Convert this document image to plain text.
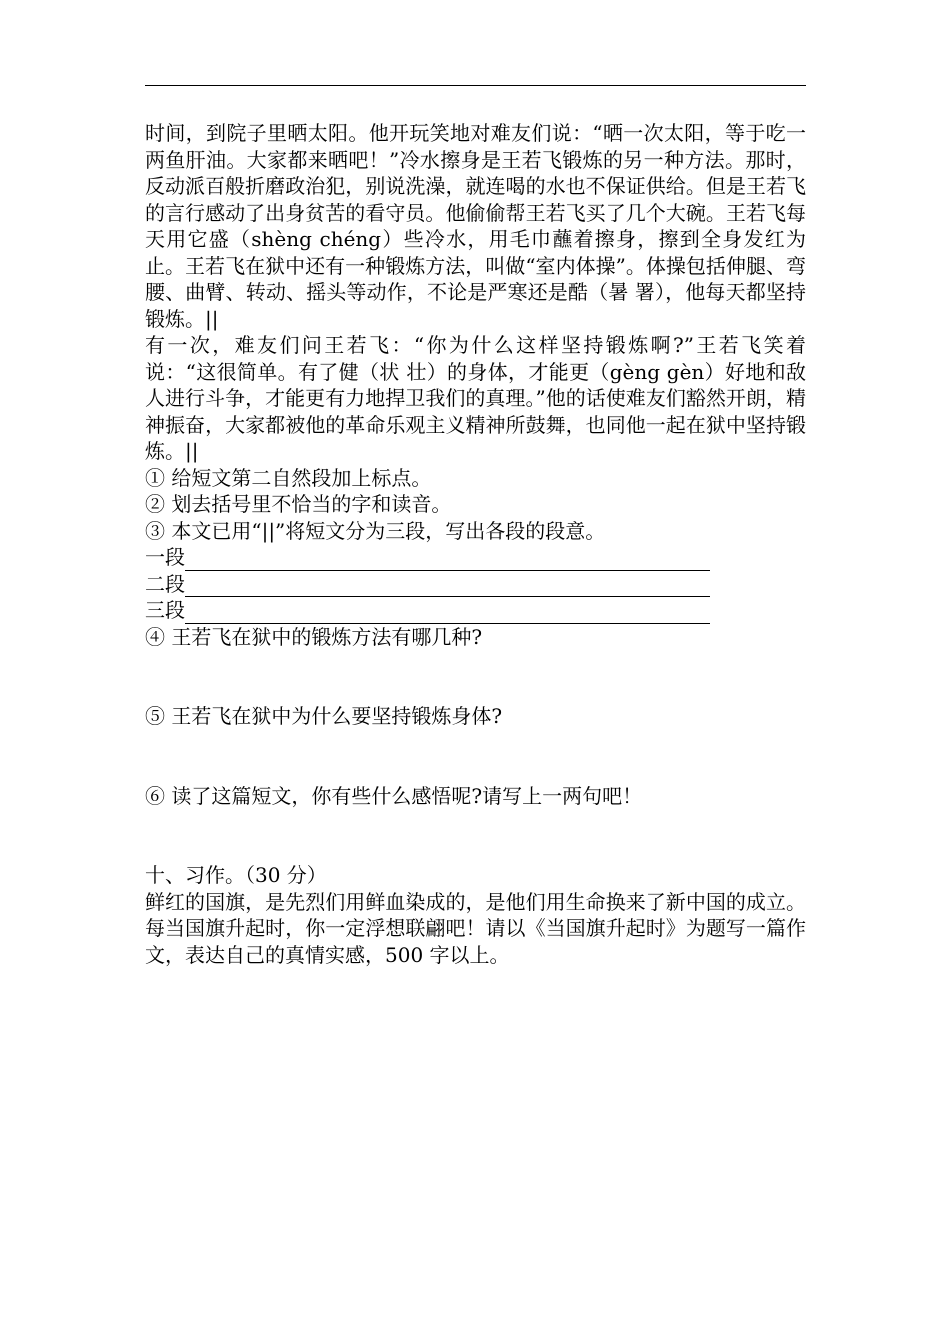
时间，到院子里晒太阳。他开玩笑地对难友们说：“晒一次太阳，等于吃一两鱼肝油。大家都来晒吧！”冷水擦身是王若飞锻炼的另一种方法。那时，反动派百般折磨政治犯，别说洗澡，就连喝的水也不保证供给。但是王若飞的言行感动了出身贫苦的看守员。他偷偷帮王若飞买了几个大碗。王若飞每天用它盛（shèng chéng）些冷水，用毛巾蘸着擦身，擦到全身发红为止。王若飞在狱中还有一种锻炼方法，叫做“室内体操”。体操包括伸腿、弯腰、曲臂、转动、摇头等动作，不论是严寒还是酷（暑 署），他每天都坚持锻炼。||

有一次，难友们问王若飞：“你为什么这样坚持锻炼啊?”王若飞笑着说：“这很简单。有了健（状 壮）的身体，才能更（gèng gèn）好地和敌人进行斗争，才能更有力地捍卫我们的真理。”他的话使难友们豁然开朗，精神振奋，大家都被他的革命乐观主义精神所鼓舞，也同他一起在狱中坚持锻炼。||

① 给短文第二自然段加上标点。

② 划去括号里不恰当的字和读音。

③ 本文已用“||”将短文分为三段，写出各段的段意。

一段
二段
三段

④ 王若飞在狱中的锻炼方法有哪几种?

⑤ 王若飞在狱中为什么要坚持锻炼身体?

⑥ 读了这篇短文，你有些什么感悟呢?请写上一两句吧！

十、习作。（30 分）

鲜红的国旗，是先烈们用鲜血染成的，是他们用生命换来了新中国的成立。每当国旗升起时，你一定浮想联翩吧！请以《当国旗升起时》为题写一篇作文，表达自己的真情实感，500 字以上。
